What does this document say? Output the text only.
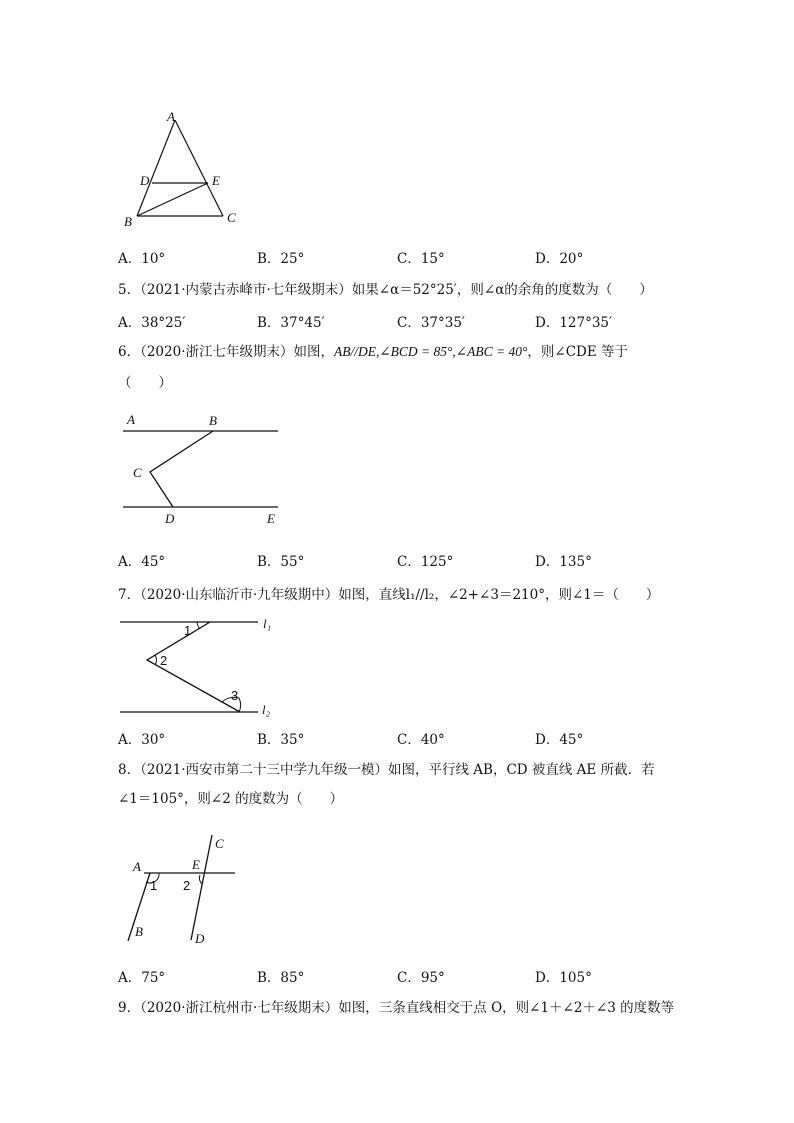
A
D	E
B	C
A．10°	B．25°	C．15°	D．20°
5．（2021·内蒙古赤峰市·七年级期末）如果∠α＝52°25′，则∠α的余角的度数为（　　）
A．38°25′	B．37°45′	C．37°35′	D．127°35′
6．（2020·浙江七年级期末）如图，AB//DE,∠BCD = 85°,∠ABC = 40°，则∠CDE 等于
（　　）
A	B
C
D	E
A．45°	B．55°	C．125°	D．135°
7．（2020·山东临沂市·九年级期中）如图，直线l₁//l₂，∠2+∠3＝210°，则∠1＝（　　）
1
2
3
l₁
l₂
A．30°	B．35°	C．40°	D．45°
8．（2021·西安市第二十三中学九年级一模）如图，平行线 AB，CD 被直线 AE 所截．若
∠1＝105°，则∠2 的度数为（　　）
A	E
C
B	D
1 2
A．75°	B．85°	C．95°	D．105°
9．（2020·浙江杭州市·七年级期末）如图，三条直线相交于点 O，则∠1＋∠2＋∠3 的度数等
